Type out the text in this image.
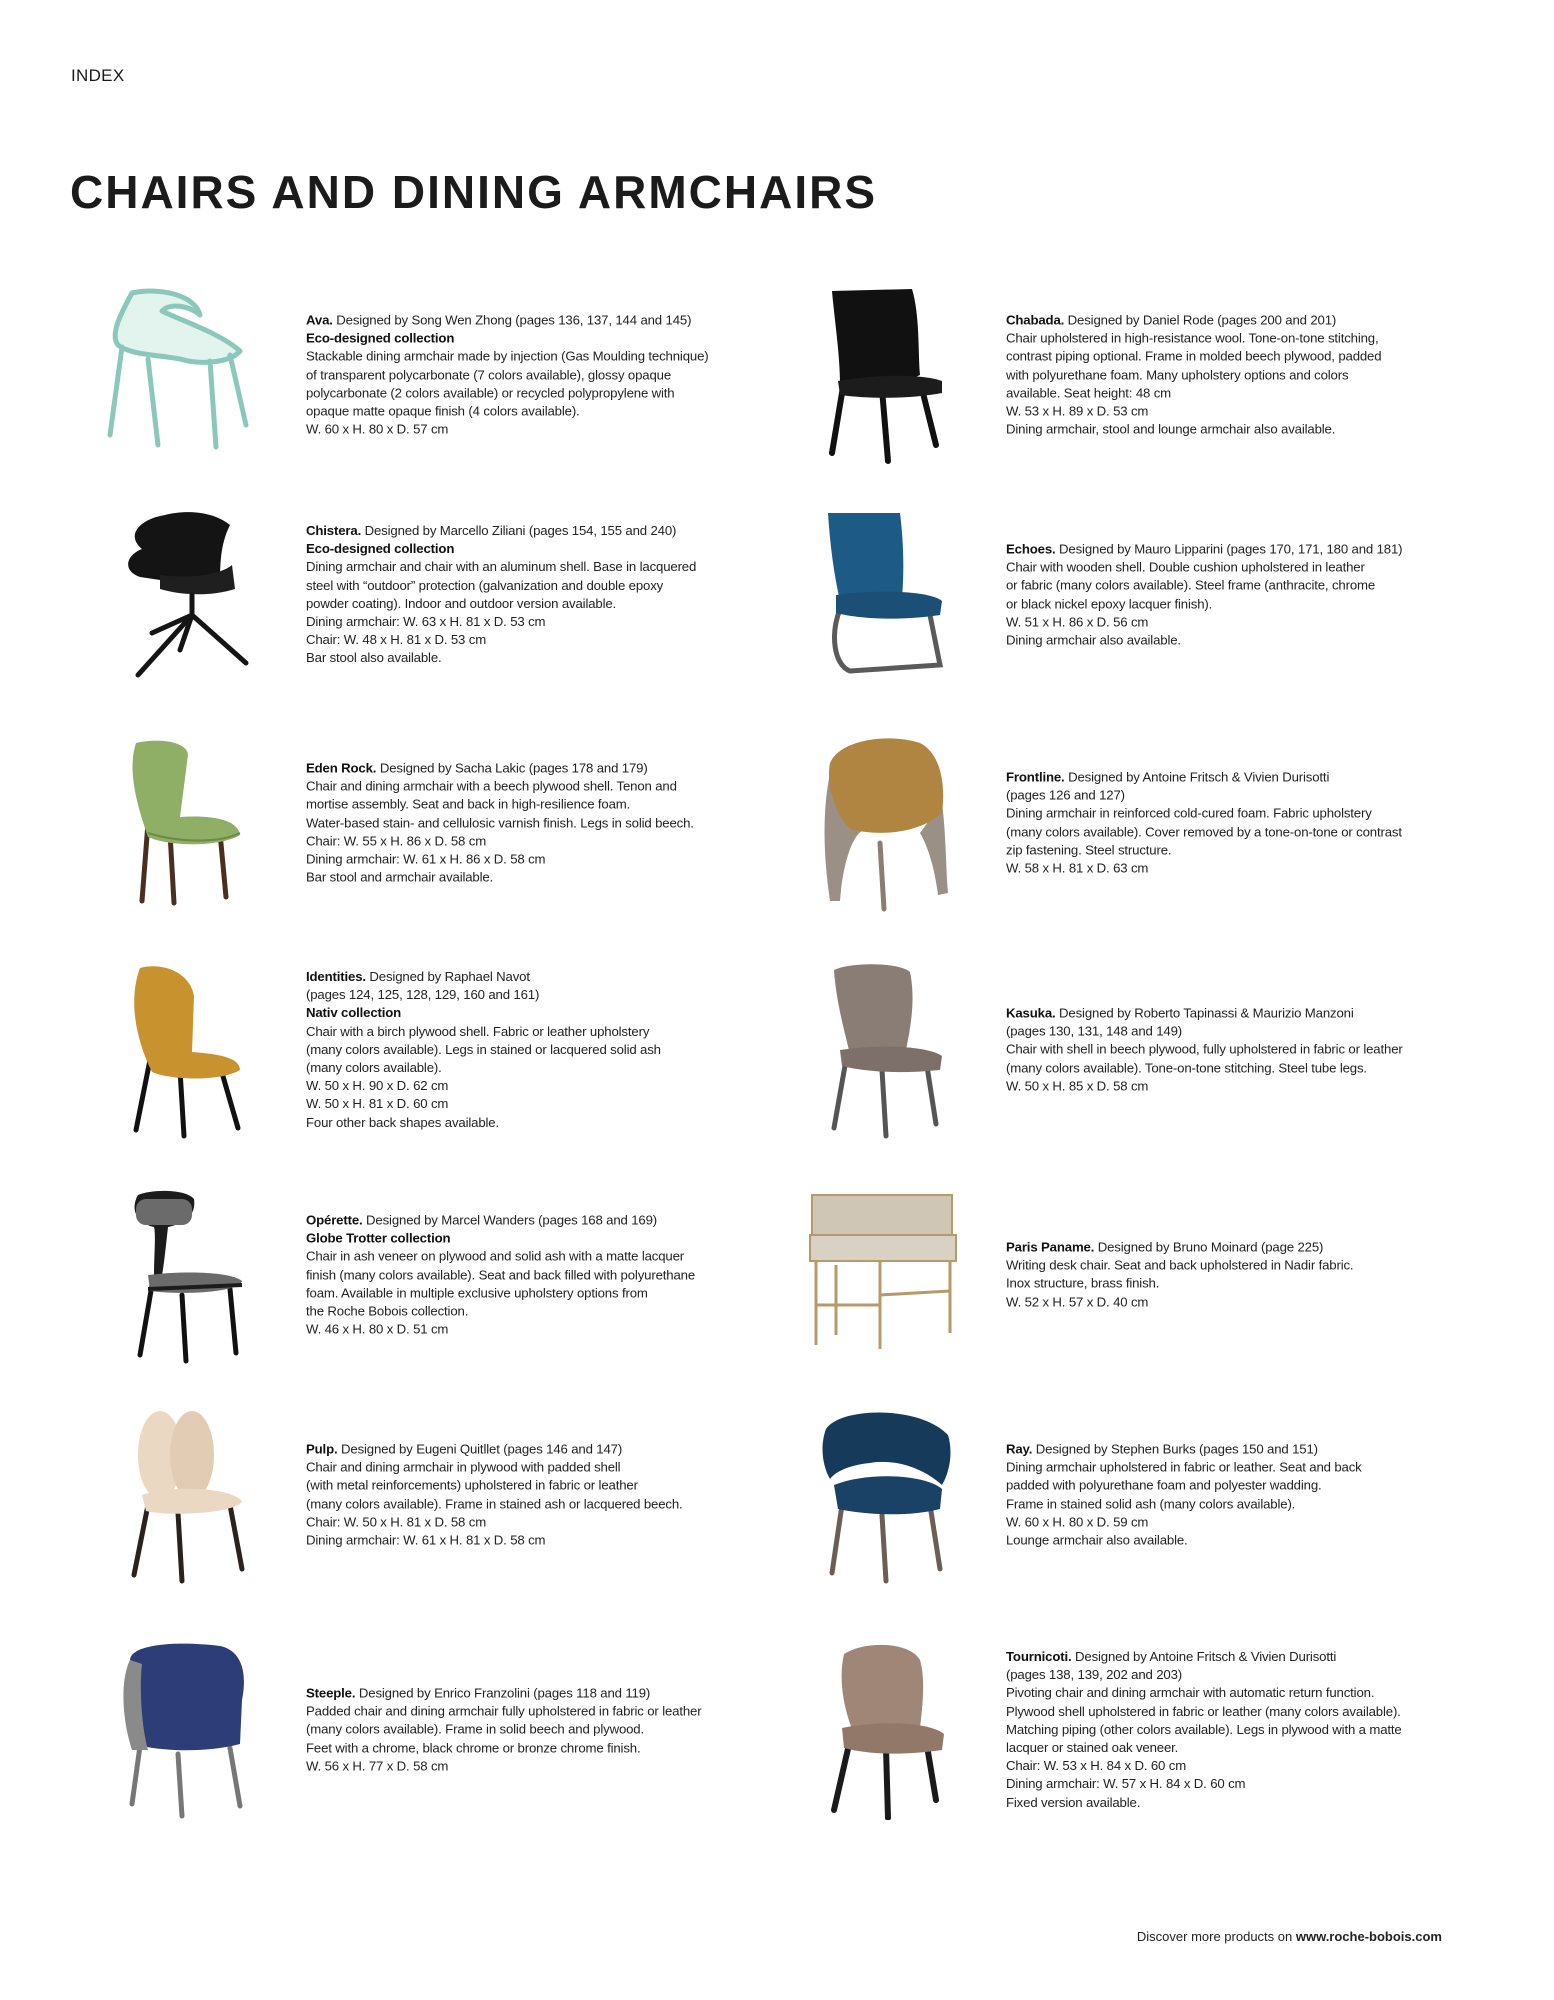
INDEX
CHAIRS AND DINING ARMCHAIRS
Ava. Designed by Song Wen Zhong (pages 136, 137, 144 and 145)
Eco-designed collection
Stackable dining armchair made by injection (Gas Moulding technique)
of transparent polycarbonate (7 colors available), glossy opaque
polycarbonate (2 colors available) or recycled polypropylene with
opaque matte opaque finish (4 colors available).
W. 60 x H. 80 x D. 57 cm
Chistera. Designed by Marcello Ziliani (pages 154, 155 and 240)
Eco-designed collection
Dining armchair and chair with an aluminum shell. Base in lacquered
steel with “outdoor” protection (galvanization and double epoxy
powder coating). Indoor and outdoor version available.
Dining armchair: W. 63 x H. 81 x D. 53 cm
Chair: W. 48 x H. 81 x D. 53 cm
Bar stool also available.
Eden Rock. Designed by Sacha Lakic (pages 178 and 179)
Chair and dining armchair with a beech plywood shell. Tenon and
mortise assembly. Seat and back in high-resilience foam.
Water-based stain- and cellulosic varnish finish. Legs in solid beech.
Chair: W. 55 x H. 86 x D. 58 cm
Dining armchair: W. 61 x H. 86 x D. 58 cm
Bar stool and armchair available.
Identities. Designed by Raphael Navot
(pages 124, 125, 128, 129, 160 and 161)
Nativ collection
Chair with a birch plywood shell. Fabric or leather upholstery
(many colors available). Legs in stained or lacquered solid ash
(many colors available).
W. 50 x H. 90 x D. 62 cm
W. 50 x H. 81 x D. 60 cm
Four other back shapes available.
Opérette. Designed by Marcel Wanders (pages 168 and 169)
Globe Trotter collection
Chair in ash veneer on plywood and solid ash with a matte lacquer
finish (many colors available). Seat and back filled with polyurethane
foam. Available in multiple exclusive upholstery options from
the Roche Bobois collection.
W. 46 x H. 80 x D. 51 cm
Pulp. Designed by Eugeni Quitllet (pages 146 and 147)
Chair and dining armchair in plywood with padded shell
(with metal reinforcements) upholstered in fabric or leather
(many colors available). Frame in stained ash or lacquered beech.
Chair: W. 50 x H. 81 x D. 58 cm
Dining armchair: W. 61 x H. 81 x D. 58 cm
Steeple. Designed by Enrico Franzolini (pages 118 and 119)
Padded chair and dining armchair fully upholstered in fabric or leather
(many colors available). Frame in solid beech and plywood.
Feet with a chrome, black chrome or bronze chrome finish.
W. 56 x H. 77 x D. 58 cm
Chabada. Designed by Daniel Rode (pages 200 and 201)
Chair upholstered in high-resistance wool. Tone-on-tone stitching,
contrast piping optional. Frame in molded beech plywood, padded
with polyurethane foam. Many upholstery options and colors
available. Seat height: 48 cm
W. 53 x H. 89 x D. 53 cm
Dining armchair, stool and lounge armchair also available.
Echoes. Designed by Mauro Lipparini (pages 170, 171, 180 and 181)
Chair with wooden shell. Double cushion upholstered in leather
or fabric (many colors available). Steel frame (anthracite, chrome
or black nickel epoxy lacquer finish).
W. 51 x H. 86 x D. 56 cm
Dining armchair also available.
Frontline. Designed by Antoine Fritsch & Vivien Durisotti
(pages 126 and 127)
Dining armchair in reinforced cold-cured foam. Fabric upholstery
(many colors available). Cover removed by a tone-on-tone or contrast
zip fastening. Steel structure.
W. 58 x H. 81 x D. 63 cm
Kasuka. Designed by Roberto Tapinassi & Maurizio Manzoni
(pages 130, 131, 148 and 149)
Chair with shell in beech plywood, fully upholstered in fabric or leather
(many colors available). Tone-on-tone stitching. Steel tube legs.
W. 50 x H. 85 x D. 58 cm
Paris Paname. Designed by Bruno Moinard (page 225)
Writing desk chair. Seat and back upholstered in Nadir fabric.
Inox structure, brass finish.
W. 52 x H. 57 x D. 40 cm
Ray. Designed by Stephen Burks (pages 150 and 151)
Dining armchair upholstered in fabric or leather. Seat and back
padded with polyurethane foam and polyester wadding.
Frame in stained solid ash (many colors available).
W. 60 x H. 80 x D. 59 cm
Lounge armchair also available.
Tournicoti. Designed by Antoine Fritsch & Vivien Durisotti
(pages 138, 139, 202 and 203)
Pivoting chair and dining armchair with automatic return function.
Plywood shell upholstered in fabric or leather (many colors available).
Matching piping (other colors available). Legs in plywood with a matte
lacquer or stained oak veneer.
Chair: W. 53 x H. 84 x D. 60 cm
Dining armchair: W. 57 x H. 84 x D. 60 cm
Fixed version available.
Discover more products on www.roche-bobois.com
